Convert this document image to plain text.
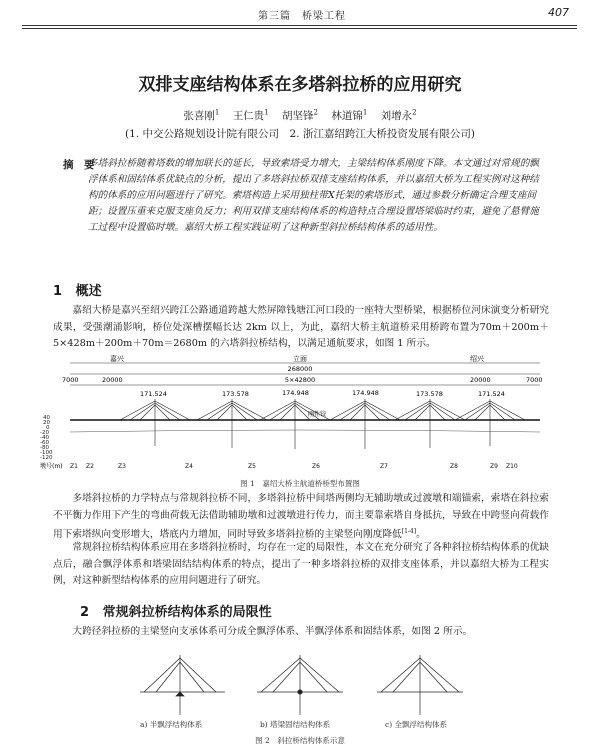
第三篇　桥梁工程	407
双排支座结构体系在多塔斜拉桥的应用研究
张喜刚$^1$ 王仁贵$^1$ 胡坚锋$^2$ 林道锦$^1$ 刘增永$^2$
(1. 中交公路规划设计院有限公司　2. 浙江嘉绍跨江大桥投资发展有限公司)
摘　要
多塔斜拉桥随着塔数的增加联长的延长，导致索塔受力增大，主梁结构体系刚度下降。本文通过对常规的飘浮体系和固结体系优缺点的分析，提出了多塔斜拉桥双排支座结构体系，并以嘉绍大桥为工程实例对这种结构的体系的应用问题进行了研究。索塔构造上采用独柱带X托架的索塔形式，通过参数分析确定合理支座间距；设置压重来克服支座负反力；利用双排支座结构体系的构造特点合理设置塔梁临时约束，避免了悬臂施工过程中设置临时墩。嘉绍大桥工程实践证明了这种新型斜拉桥结构体系的适用性。
1 概述
嘉绍大桥是嘉兴至绍兴跨江公路通道跨越大然屏障钱塘江河口段的一座特大型桥梁，根据桥位河床演变分析研究成果，受强潮涌影响，桥位处深槽摆幅长达 2km 以上，为此，嘉绍大桥主航道桥采用桥跨布置为70m＋200m＋5×428m＋200m＋70m＝2680m 的六塔斜拉桥结构，以满足通航要求，如图 1 所示。
嘉兴	立面	绍兴
268000
7000	7000
20000	20000
5×42800
171.524	173.578	174.948	174.948	173.578	171.524
刚性铰
40
20
0
-20
-40
-60
-80
-100
-120
墩号(m) Z1 Z2	Z3	Z4	Z5	Z6	Z7	Z8	Z9 Z10
图 1　嘉绍大桥主航道桥桥型布置图
多塔斜拉桥的力学特点与常规斜拉桥不同，多塔斜拉桥中间塔两侧均无辅助墩或过渡墩和端锚索，索塔在斜拉索不平衡力作用下产生的弯曲荷载无法借助辅助墩和过渡墩进行传力，而主要靠索塔自身抵抗，导致在中跨竖向荷载作用下索塔纵向变形增大，塔底内力增加，同时导致多塔斜拉桥的主梁竖向刚度降低[1-4]。
常规斜拉桥结构体系应用在多塔斜拉桥时，均存在一定的局限性，本文在充分研究了各种斜拉桥结构体系的优缺点后，融合飘浮体系和塔梁固结结构体系的特点，提出了一种多塔斜拉桥的双排支座体系，并以嘉绍大桥为工程实例，对这种新型结构体系的应用问题进行了研究。
2 常规斜拉桥结构体系的局限性
大跨径斜拉桥的主梁竖向支承体系可分成全飘浮体系、半飘浮体系和固结体系，如图 2 所示。
a) 半飘浮结构体系	b) 塔梁固结结构体系	c) 全飘浮结构体系
图 2　斜拉桥结构体系示意
